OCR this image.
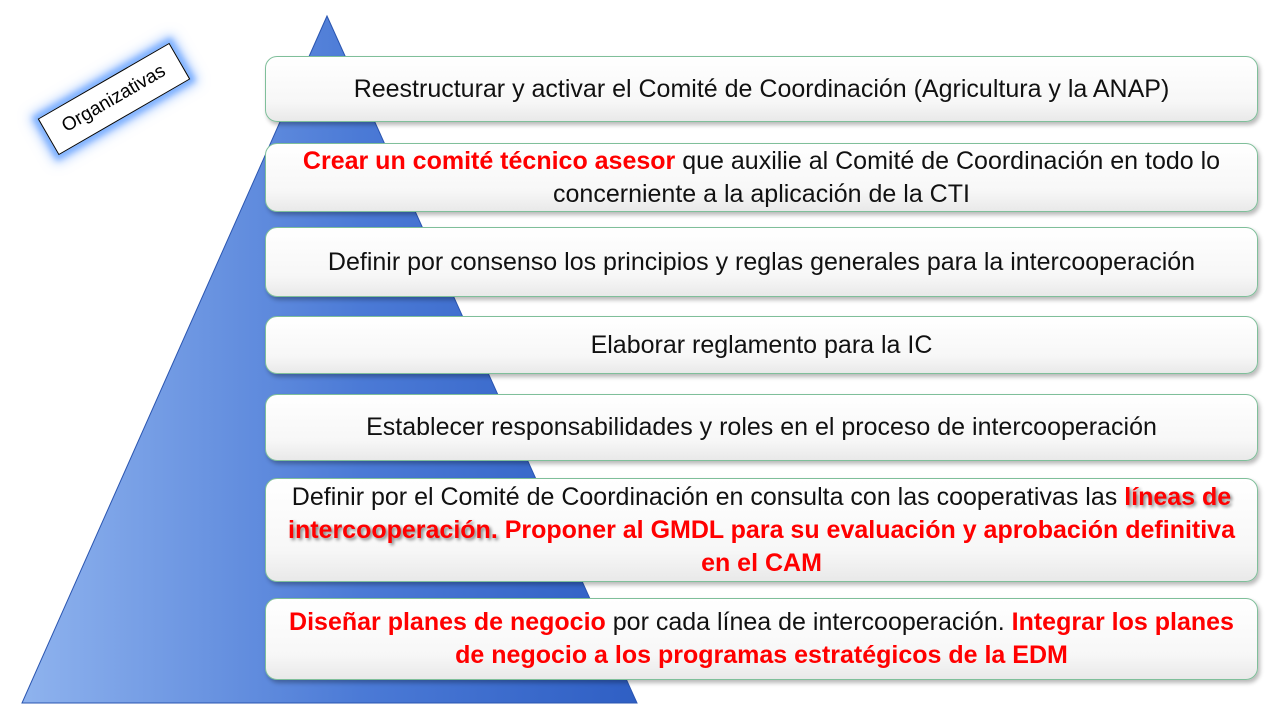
Organizativas	Reestructurar y activar el Comité de Coordinación (Agricultura y la ANAP)
Crear un comité técnico asesor que auxilie al Comité de Coordinación en todo lo concerniente a la aplicación de la CTI
Definir por consenso los principios y reglas generales para la intercooperación
Elaborar reglamento para la IC
Establecer responsabilidades y roles en el proceso de intercooperación
Definir por el Comité de Coordinación en consulta con las cooperativas las líneas de intercooperación. Proponer al GMDL para su evaluación y aprobación definitiva en el CAM
Diseñar planes de negocio por cada línea de intercooperación. Integrar los planes de negocio a los programas estratégicos de la EDM
